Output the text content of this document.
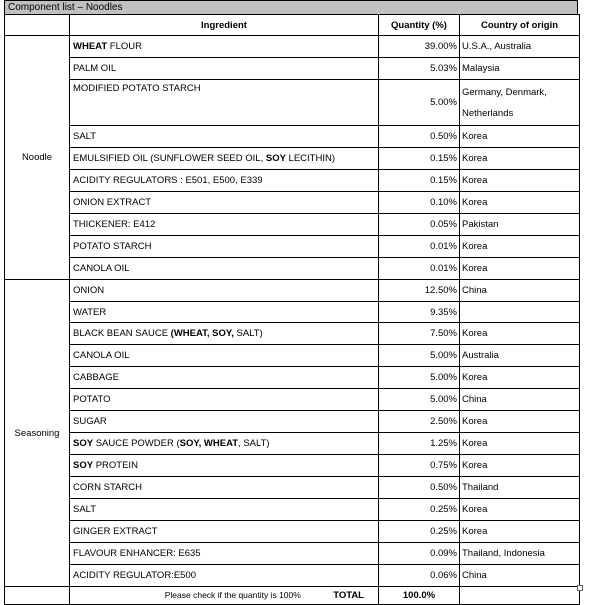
Component list – Noodles
	Ingredient	Quantity (%)	Country of origin
Noodle	WHEAT FLOUR	39.00%	U.S.A., Australia
	PALM OIL	5.03%	Malaysia
	MODIFIED POTATO STARCH	5.00%	Germany, Denmark, Netherlands
	SALT	0.50%	Korea
	EMULSIFIED OIL (SUNFLOWER SEED OIL, SOY LECITHIN)	0.15%	Korea
	ACIDITY REGULATORS : E501, E500, E339	0.15%	Korea
	ONION EXTRACT	0.10%	Korea
	THICKENER: E412	0.05%	Pakistan
	POTATO STARCH	0.01%	Korea
	CANOLA OIL	0.01%	Korea
Seasoning	ONION	12.50%	China
	WATER	9.35%	
	BLACK BEAN SAUCE (WHEAT, SOY, SALT)	7.50%	Korea
	CANOLA OIL	5.00%	Australia
	CABBAGE	5.00%	Korea
	POTATO	5.00%	China
	SUGAR	2.50%	Korea
	SOY SAUCE POWDER (SOY, WHEAT, SALT)	1.25%	Korea
	SOY PROTEIN	0.75%	Korea
	CORN STARCH	0.50%	Thailand
	SALT	0.25%	Korea
	GINGER EXTRACT	0.25%	Korea
	FLAVOUR ENHANCER: E635	0.09%	Thailand, Indonesia
	ACIDITY REGULATOR:E500	0.06%	China
	Please check if the quantity is 100% TOTAL	100.0%	
